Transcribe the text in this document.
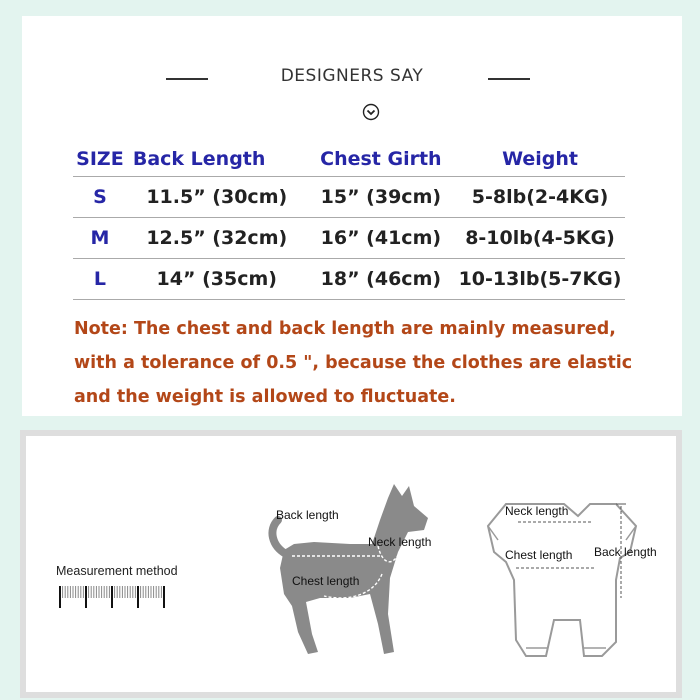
DESIGNERS SAY
SIZE	Back Length	Chest Girth	Weight
S	11.5” (30cm)	15” (39cm)	5-8lb(2-4KG)
M	12.5” (32cm)	16” (41cm)	8-10lb(4-5KG)
L	14” (35cm)	18” (46cm)	10-13lb(5-7KG)
Note: The chest and back length are mainly measured,
with a tolerance of 0.5 ", because the clothes are elastic
and the weight is allowed to fluctuate.
Measurement method
Back length
Neck length
Chest length
Neck length
Chest length Back length
